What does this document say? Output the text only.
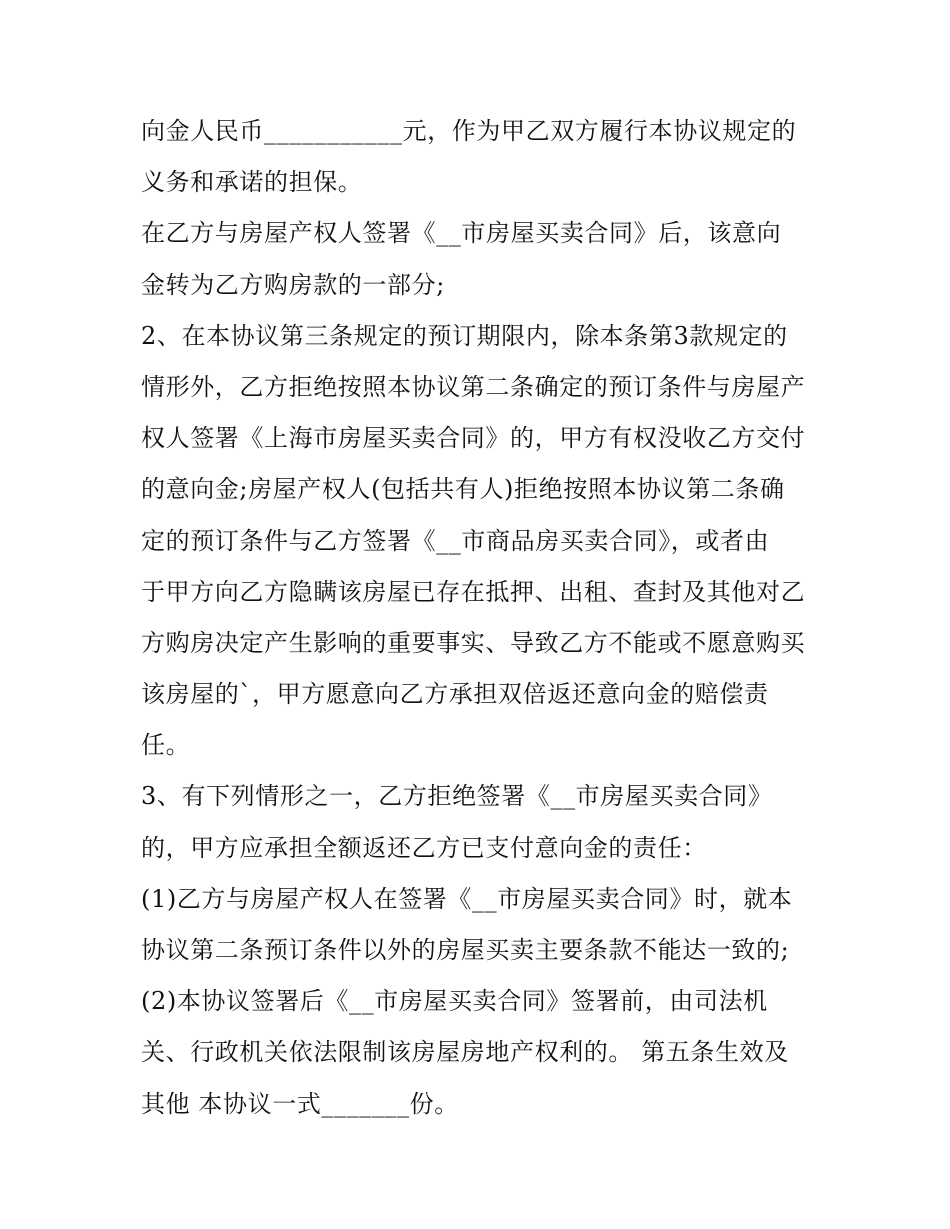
向金人民币___________元，作为甲乙双方履行本协议规定的
义务和承诺的担保。
在乙方与房屋产权人签署《__市房屋买卖合同》后，该意向
金转为乙方购房款的一部分;
2、在本协议第三条规定的预订期限内，除本条第3款规定的
情形外，乙方拒绝按照本协议第二条确定的预订条件与房屋产
权人签署《上海市房屋买卖合同》的，甲方有权没收乙方交付
的意向金;房屋产权人(包括共有人)拒绝按照本协议第二条确
定的预订条件与乙方签署《__市商品房买卖合同》，或者由
于甲方向乙方隐瞒该房屋已存在抵押、出租、查封及其他对乙
方购房决定产生影响的重要事实、导致乙方不能或不愿意购买
该房屋的`，甲方愿意向乙方承担双倍返还意向金的赔偿责
任。
3、有下列情形之一，乙方拒绝签署《__市房屋买卖合同》
的，甲方应承担全额返还乙方已支付意向金的责任：
(1)乙方与房屋产权人在签署《__市房屋买卖合同》时，就本
协议第二条预订条件以外的房屋买卖主要条款不能达一致的;
(2)本协议签署后《__市房屋买卖合同》签署前，由司法机
关、行政机关依法限制该房屋房地产权利的。 第五条生效及
其他 本协议一式_______份。
